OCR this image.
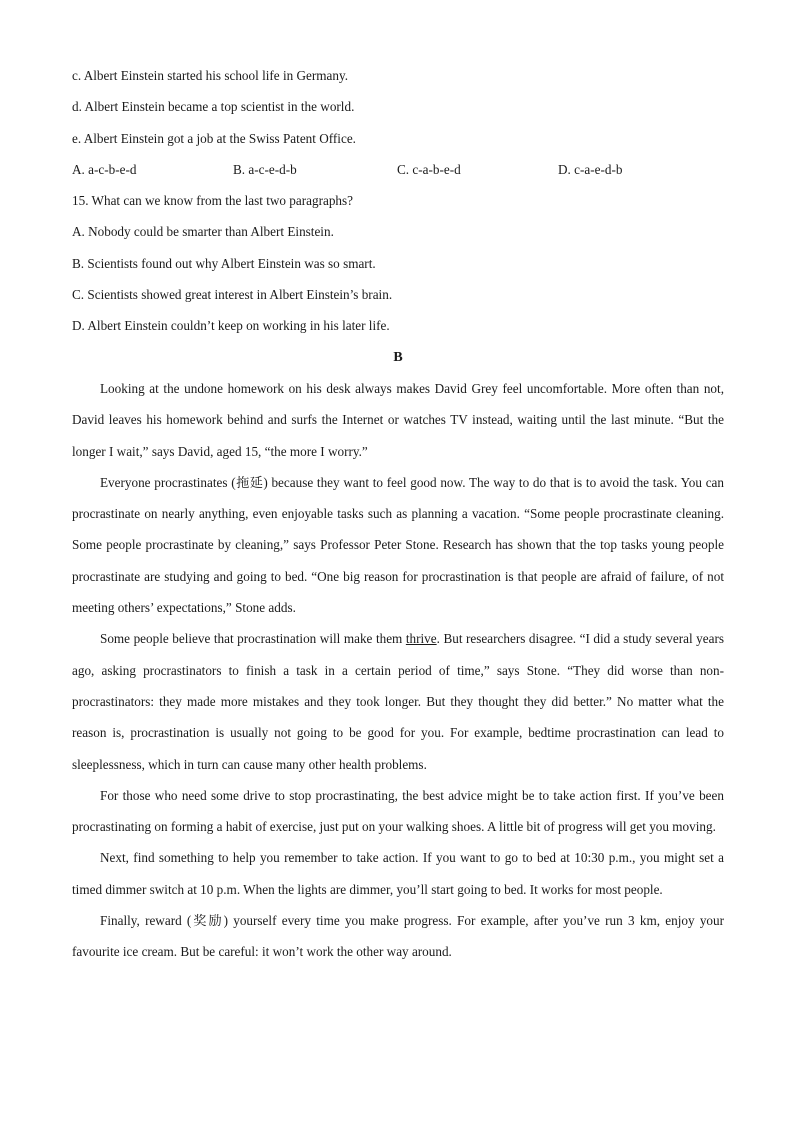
c. Albert Einstein started his school life in Germany.
d. Albert Einstein became a top scientist in the world.
e. Albert Einstein got a job at the Swiss Patent Office.
A. a-c-b-e-d	B. a-c-e-d-b	C. c-a-b-e-d	D. c-a-e-d-b
15. What can we know from the last two paragraphs?
A. Nobody could be smarter than Albert Einstein.
B. Scientists found out why Albert Einstein was so smart.
C. Scientists showed great interest in Albert Einstein’s brain.
D. Albert Einstein couldn’t keep on working in his later life.
B

Looking at the undone homework on his desk always makes David Grey feel uncomfortable. More often than not, David leaves his homework behind and surfs the Internet or watches TV instead, waiting until the last minute. “But the longer I wait,” says David, aged 15, “the more I worry.”

Everyone procrastinates (拖延) because they want to feel good now. The way to do that is to avoid the task. You can procrastinate on nearly anything, even enjoyable tasks such as planning a vacation. “Some people procrastinate cleaning. Some people procrastinate by cleaning,” says Professor Peter Stone. Research has shown that the top tasks young people procrastinate are studying and going to bed. “One big reason for procrastination is that people are afraid of failure, of not meeting others’ expectations,” Stone adds.

Some people believe that procrastination will make them thrive. But researchers disagree. “I did a study several years ago, asking procrastinators to finish a task in a certain period of time,” says Stone. “They did worse than non-procrastinators: they made more mistakes and they took longer. But they thought they did better.” No matter what the reason is, procrastination is usually not going to be good for you. For example, bedtime procrastination can lead to sleeplessness, which in turn can cause many other health problems.

For those who need some drive to stop procrastinating, the best advice might be to take action first. If you’ve been procrastinating on forming a habit of exercise, just put on your walking shoes. A little bit of progress will get you moving.

Next, find something to help you remember to take action. If you want to go to bed at 10:30 p.m., you might set a timed dimmer switch at 10 p.m. When the lights are dimmer, you’ll start going to bed. It works for most people.

Finally, reward (奖励) yourself every time you make progress. For example, after you’ve run 3 km, enjoy your favourite ice cream. But be careful: it won’t work the other way around.
